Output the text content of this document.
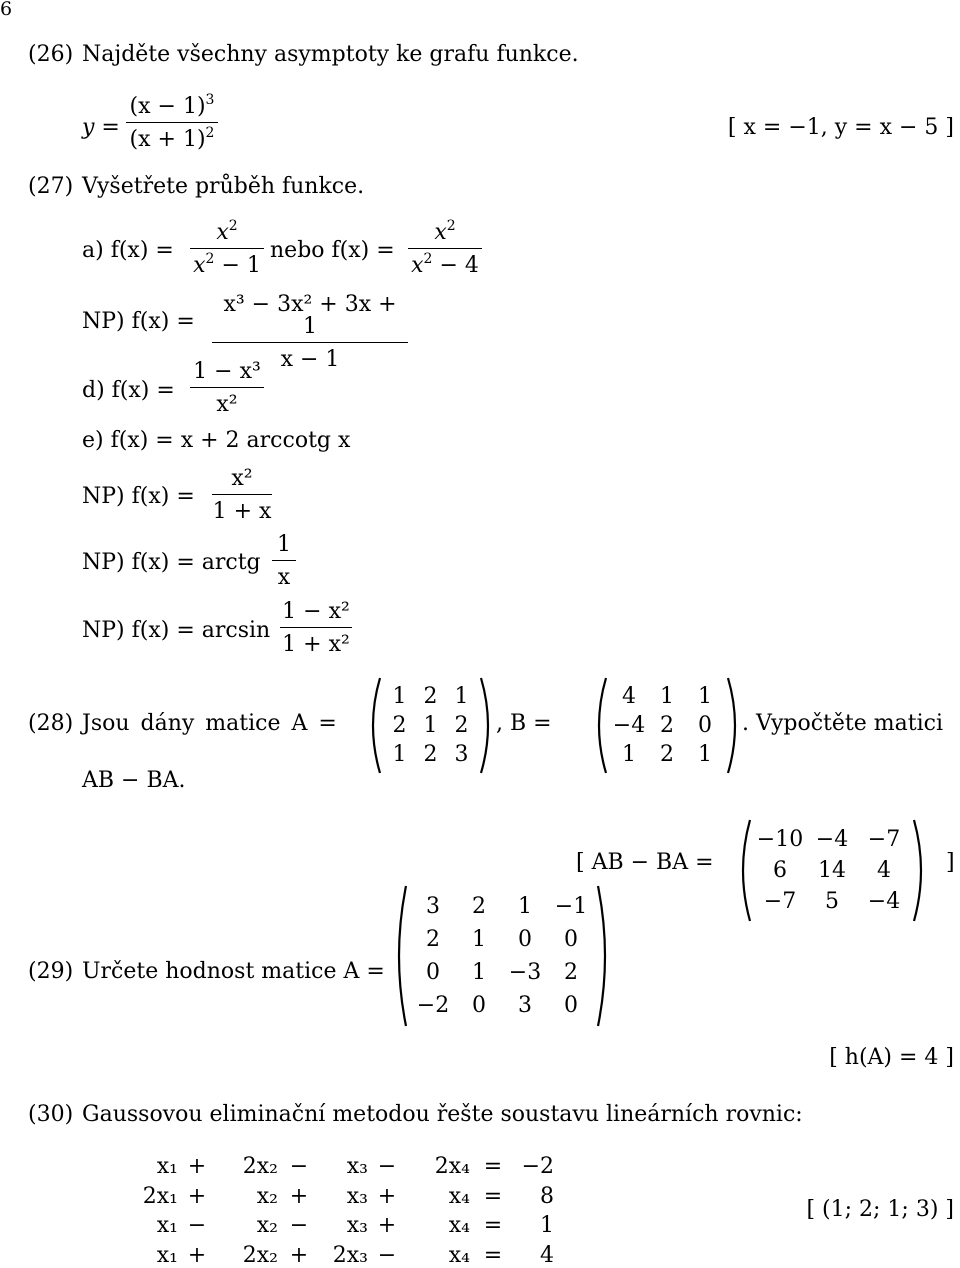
6
(26) Najděte všechny asymptoty ke grafu funkce.
y =
$(x - 1)^3$
$(x + 1)^2$	[ x = −1, y = x − 5 ]
(27) Vyšetřete průběh funkce.
a) f(x) =
$x^2$
$x^2 - 1$
nebo f(x) =
$x^2$
$x^2 - 4$
NP) f(x) =
x³ − 3x² + 3x + 1
x − 1
d) f(x) =
1 − x³
x²
e) f(x) = x + 2 arccotg x
NP) f(x) =
x²
1 + x
NP) f(x) = arctg
1
x
NP) f(x) = arcsin
1 − x²
1 + x²
(28) Jsou dány matice A =
1 2 1
2 1 2
1 2 3
, B =
4	1	1
−4 2	0
1	2	1
. Vypočtěte matici
AB − BA.
[ AB − BA =
−10 −4 −7
6	14	4
−7	5	−4
]
(29) Určete hodnost matice A =
3	2	1	−1
2	1	0	0
0	1	−3	2
−2	0	3	0
[ h(A) = 4 ]
(30) Gaussovou eliminační metodou řešte soustavu lineárních rovnic:
x₁ +	2x₂ −	x₃ −	2x₄ = −2
2x₁ +	x₂ +	x₃ +	x₄ =	8
x₁ −	x₂ −	x₃ +	x₄ =	1
x₁ +	2x₂ +	2x₃ −	x₄ =	4
[ (1; 2; 1; 3) ]
